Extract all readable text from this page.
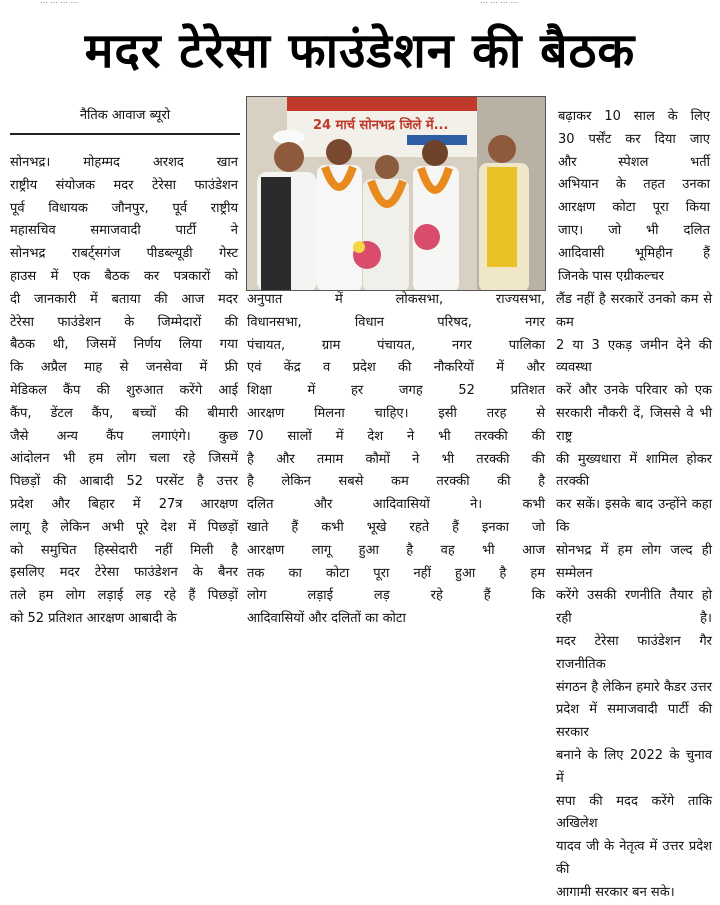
... ... ... ...	... ... ... ...
मदर टेरेसा फाउंडेशन की बैठक
नैतिक आवाज ब्यूरो

सोनभद्र। मोहम्मद अरशद खान

राष्ट्रीय संयोजक मदर टेरेसा फाउंडेशन

पूर्व विधायक जौनपुर, पूर्व राष्ट्रीय

महासचिव समाजवादी पार्टी ने

सोनभद्र राबर्ट्सगंज पीडब्ल्यूडी गेस्ट

हाउस में एक बैठक कर पत्रकारों को

दी जानकारी में बताया की आज मदर

टेरेसा फाउंडेशन के जिम्मेदारों की

बैठक थी, जिसमें निर्णय लिया गया

कि अप्रैल माह से जनसेवा में फ्री

मेडिकल कैंप की शुरुआत करेंगे आई

कैंप, डेंटल कैंप, बच्चों की बीमारी

जैसे अन्य कैंप लगाएंगे। कुछ

आंदोलन भी हम लोग चला रहे जिसमें

पिछड़ों की आबादी 52 परसेंट है उत्तर

प्रदेश और बिहार में 27त्र आरक्षण

लागू है लेकिन अभी पूरे देश में पिछड़ों

को समुचित हिस्सेदारी नहीं मिली है

इसलिए मदर टेरेसा फाउंडेशन के बैनर

तले हम लोग लड़ाई लड़ रहे हैं पिछड़ों

को 52 प्रतिशत आरक्षण आबादी के

24 मार्च सोनभद्र जिले में...

अनुपात में लोकसभा, राज्यसभा,

विधानसभा, विधान परिषद, नगर

पंचायत, ग्राम पंचायत, नगर पालिका

एवं केंद्र व प्रदेश की नौकरियों में और

शिक्षा में हर जगह 52 प्रतिशत

आरक्षण मिलना चाहिए। इसी तरह से

70 सालों में देश ने भी तरक्की की

है और तमाम कौमों ने भी तरक्की की

है लेकिन सबसे कम तरक्की की है

दलित और आदिवासियों ने। कभी

खाते हैं कभी भूखे रहते हैं इनका जो

आरक्षण लागू हुआ है वह भी आज

तक का कोटा पूरा नहीं हुआ है हम

लोग लड़ाई लड़ रहे हैं कि

आदिवासियों और दलितों का कोटा

बढ़ाकर 10 साल के लिए

30 पर्सेंट कर दिया जाए

और स्पेशल भर्ती

अभियान के तहत उनका

आरक्षण कोटा पूरा किया

जाए। जो भी दलित

आदिवासी भूमिहीन हैं

जिनके पास एग्रीकल्चर

लैंड नहीं है सरकारें उनको कम से कम

2 या 3 एकड़ जमीन देने की व्यवस्था

करें और उनके परिवार को एक

सरकारी नौकरी दें, जिससे वे भी राष्ट्र

की मुख्यधारा में शामिल होकर तरक्की

कर सकें। इसके बाद उन्होंने कहा कि

सोनभद्र में हम लोग जल्द ही सम्मेलन

करेंगे उसकी रणनीति तैयार हो रही है।

मदर टेरेसा फाउंडेशन गैर राजनीतिक

संगठन है लेकिन हमारे कैडर उत्तर

प्रदेश में समाजवादी पार्टी की सरकार

बनाने के लिए 2022 के चुनाव में

सपा की मदद करेंगे ताकि अखिलेश

यादव जी के नेतृत्व में उत्तर प्रदेश की

आगामी सरकार बन सके।
